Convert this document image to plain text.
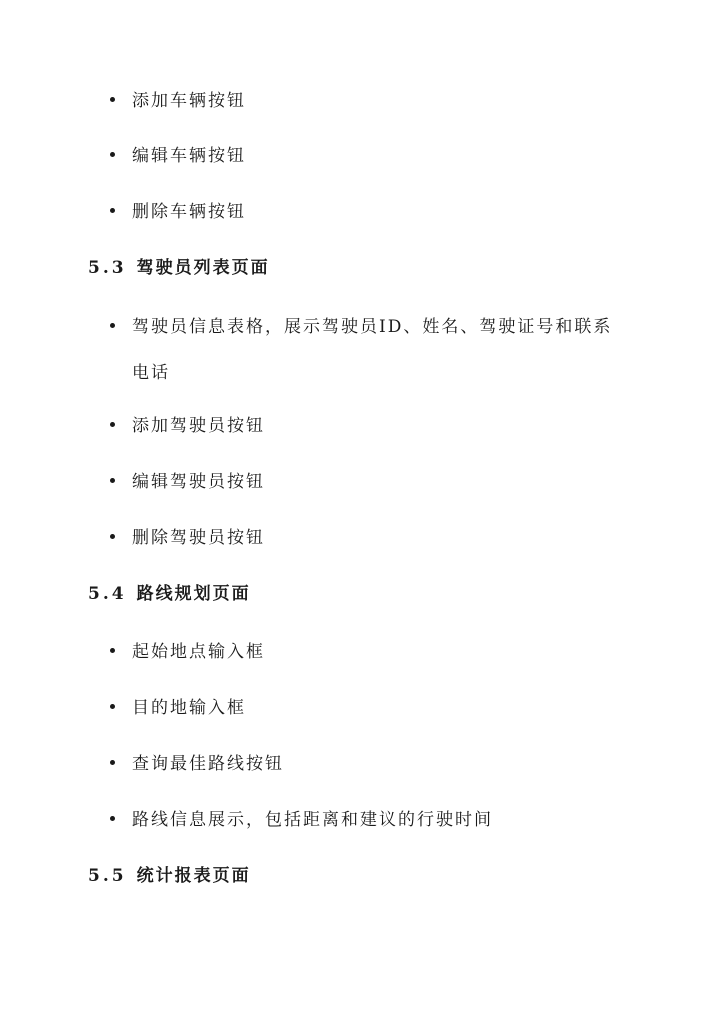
添加车辆按钮
编辑车辆按钮
删除车辆按钮
5.3 驾驶员列表页面
驾驶员信息表格，展示驾驶员ID、姓名、驾驶证号和联系电话
添加驾驶员按钮
编辑驾驶员按钮
删除驾驶员按钮
5.4 路线规划页面
起始地点输入框
目的地输入框
查询最佳路线按钮
路线信息展示，包括距离和建议的行驶时间
5.5 统计报表页面
